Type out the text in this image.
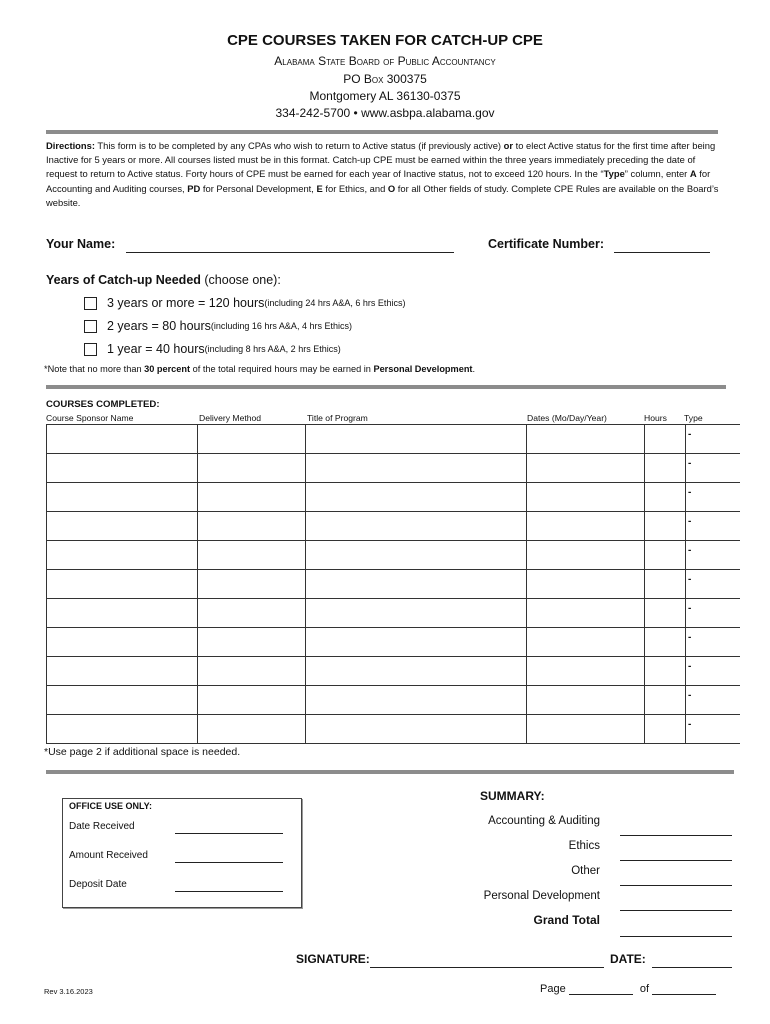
CPE COURSES TAKEN FOR CATCH-UP CPE
Alabama State Board of Public Accountancy
PO Box 300375
Montgomery AL 36130-0375
334-242-5700 • www.asbpa.alabama.gov
Directions: This form is to be completed by any CPAs who wish to return to Active status (if previously active) or to elect Active status for the first time after being Inactive for 5 years or more. All courses listed must be in this format. Catch-up CPE must be earned within the three years immediately preceding the date of request to return to Active status. Forty hours of CPE must be earned for each year of Inactive status, not to exceed 120 hours. In the “Type” column, enter A for Accounting and Auditing courses, PD for Personal Development, E for Ethics, and O for all Other fields of study. Complete CPE Rules are available on the Board’s website.
Your Name:	Certificate Number:
Years of Catch-up Needed (choose one):
3 years or more = 120 hours (including 24 hrs A&A, 6 hrs Ethics)
2 years = 80 hours (including 16 hrs A&A, 4 hrs Ethics)
1 year = 40 hours (including 8 hrs A&A, 2 hrs Ethics)
*Note that no more than 30 percent of the total required hours may be earned in Personal Development.
COURSES COMPLETED:
Course Sponsor Name	Delivery Method	Title of Program	Dates (Mo/Day/Year)	Hours Type
					-
					-
					-
					-
					-
					-
					-
					-
					-
					-
					-
*Use page 2 if additional space is needed.
OFFICE USE ONLY:
Date Received
Amount Received
Deposit Date
SUMMARY:
Accounting & Auditing
Ethics
Other
Personal Development
Grand Total
SIGNATURE:	DATE:
Rev 3.16.2023	Page	of
